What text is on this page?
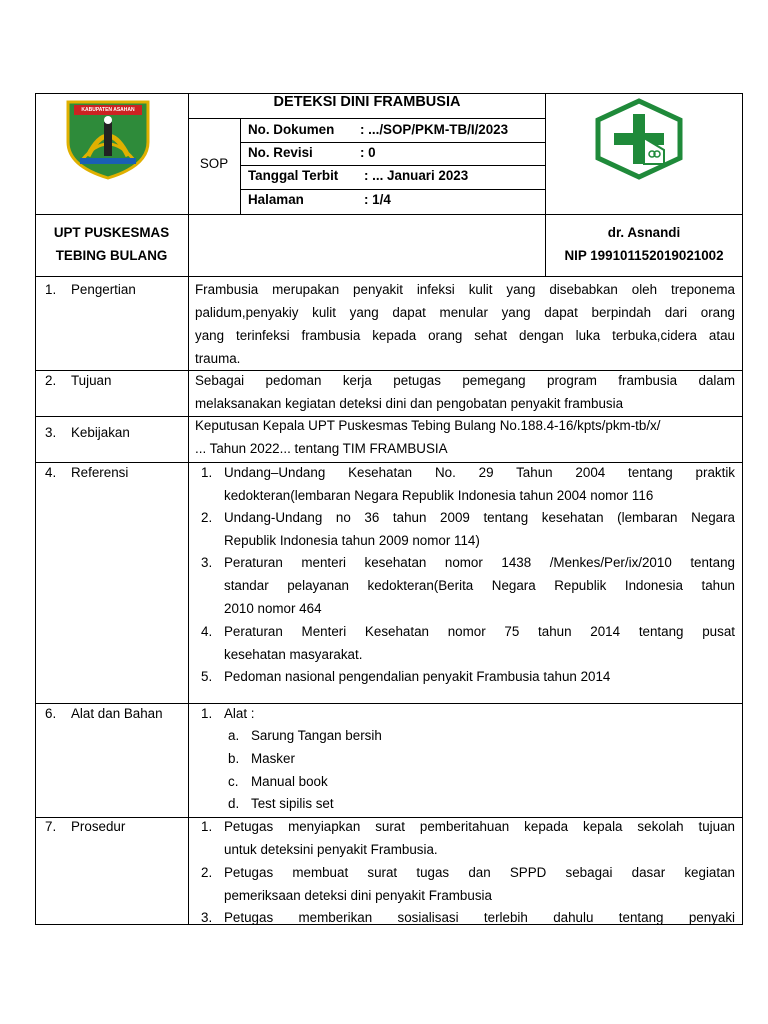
KABUPATEN ASAHAN	DETEKSI DINI FRAMBUSIA
SOP
No. Dokumen : .../SOP/PKM-TB/I/2023
No. Revisi	: 0
Tanggal Terbit : ... Januari 2023
Halaman	: 1/4
UPT PUSKESMAS
TEBING BULANG
dr. Asnandi
NIP 199101152019021002
1. Pengertian	Frambusia merupakan penyakit infeksi kulit yang disebabkan oleh treponema
palidum,penyakiy kulit yang dapat menular yang dapat berpindah dari orang
yang terinfeksi frambusia kepada orang sehat dengan luka terbuka,cidera atau
trauma.
2. Tujuan	Sebagai pedoman kerja petugas pemegang program frambusia dalam
melaksanakan kegiatan deteksi dini dan pengobatan penyakit frambusia
3. Kebijakan	Keputusan Kepala UPT Puskesmas Tebing Bulang No.188.4-16/kpts/pkm-tb/x/
... Tahun 2022... tentang TIM FRAMBUSIA
4. Referensi	1. Undang–Undang Kesehatan No. 29 Tahun 2004 tentang praktik
kedokteran(lembaran Negara Republik Indonesia tahun 2004 nomor 116
2. Undang-Undang no 36 tahun 2009 tentang kesehatan (lembaran Negara
Republik Indonesia tahun 2009 nomor 114)
3. Peraturan menteri kesehatan nomor 1438 /Menkes/Per/ix/2010 tentang
standar pelayanan kedokteran(Berita Negara Republik Indonesia tahun
2010 nomor 464
4. Peraturan Menteri Kesehatan nomor 75 tahun 2014 tentang pusat
kesehatan masyarakat.
5. Pedoman nasional pengendalian penyakit Frambusia tahun 2014
6. Alat dan Bahan	1. Alat :
a. Sarung Tangan bersih
b. Masker
c. Manual book
d. Test sipilis set
7. Prosedur	1. Petugas menyiapkan surat pemberitahuan kepada kepala sekolah tujuan
untuk deteksini penyakit Frambusia.
2. Petugas membuat surat tugas dan SPPD sebagai dasar kegiatan
pemeriksaan deteksi dini penyakit Frambusia
3. Petugas memberikan sosialisasi terlebih dahulu tentang penyaki
